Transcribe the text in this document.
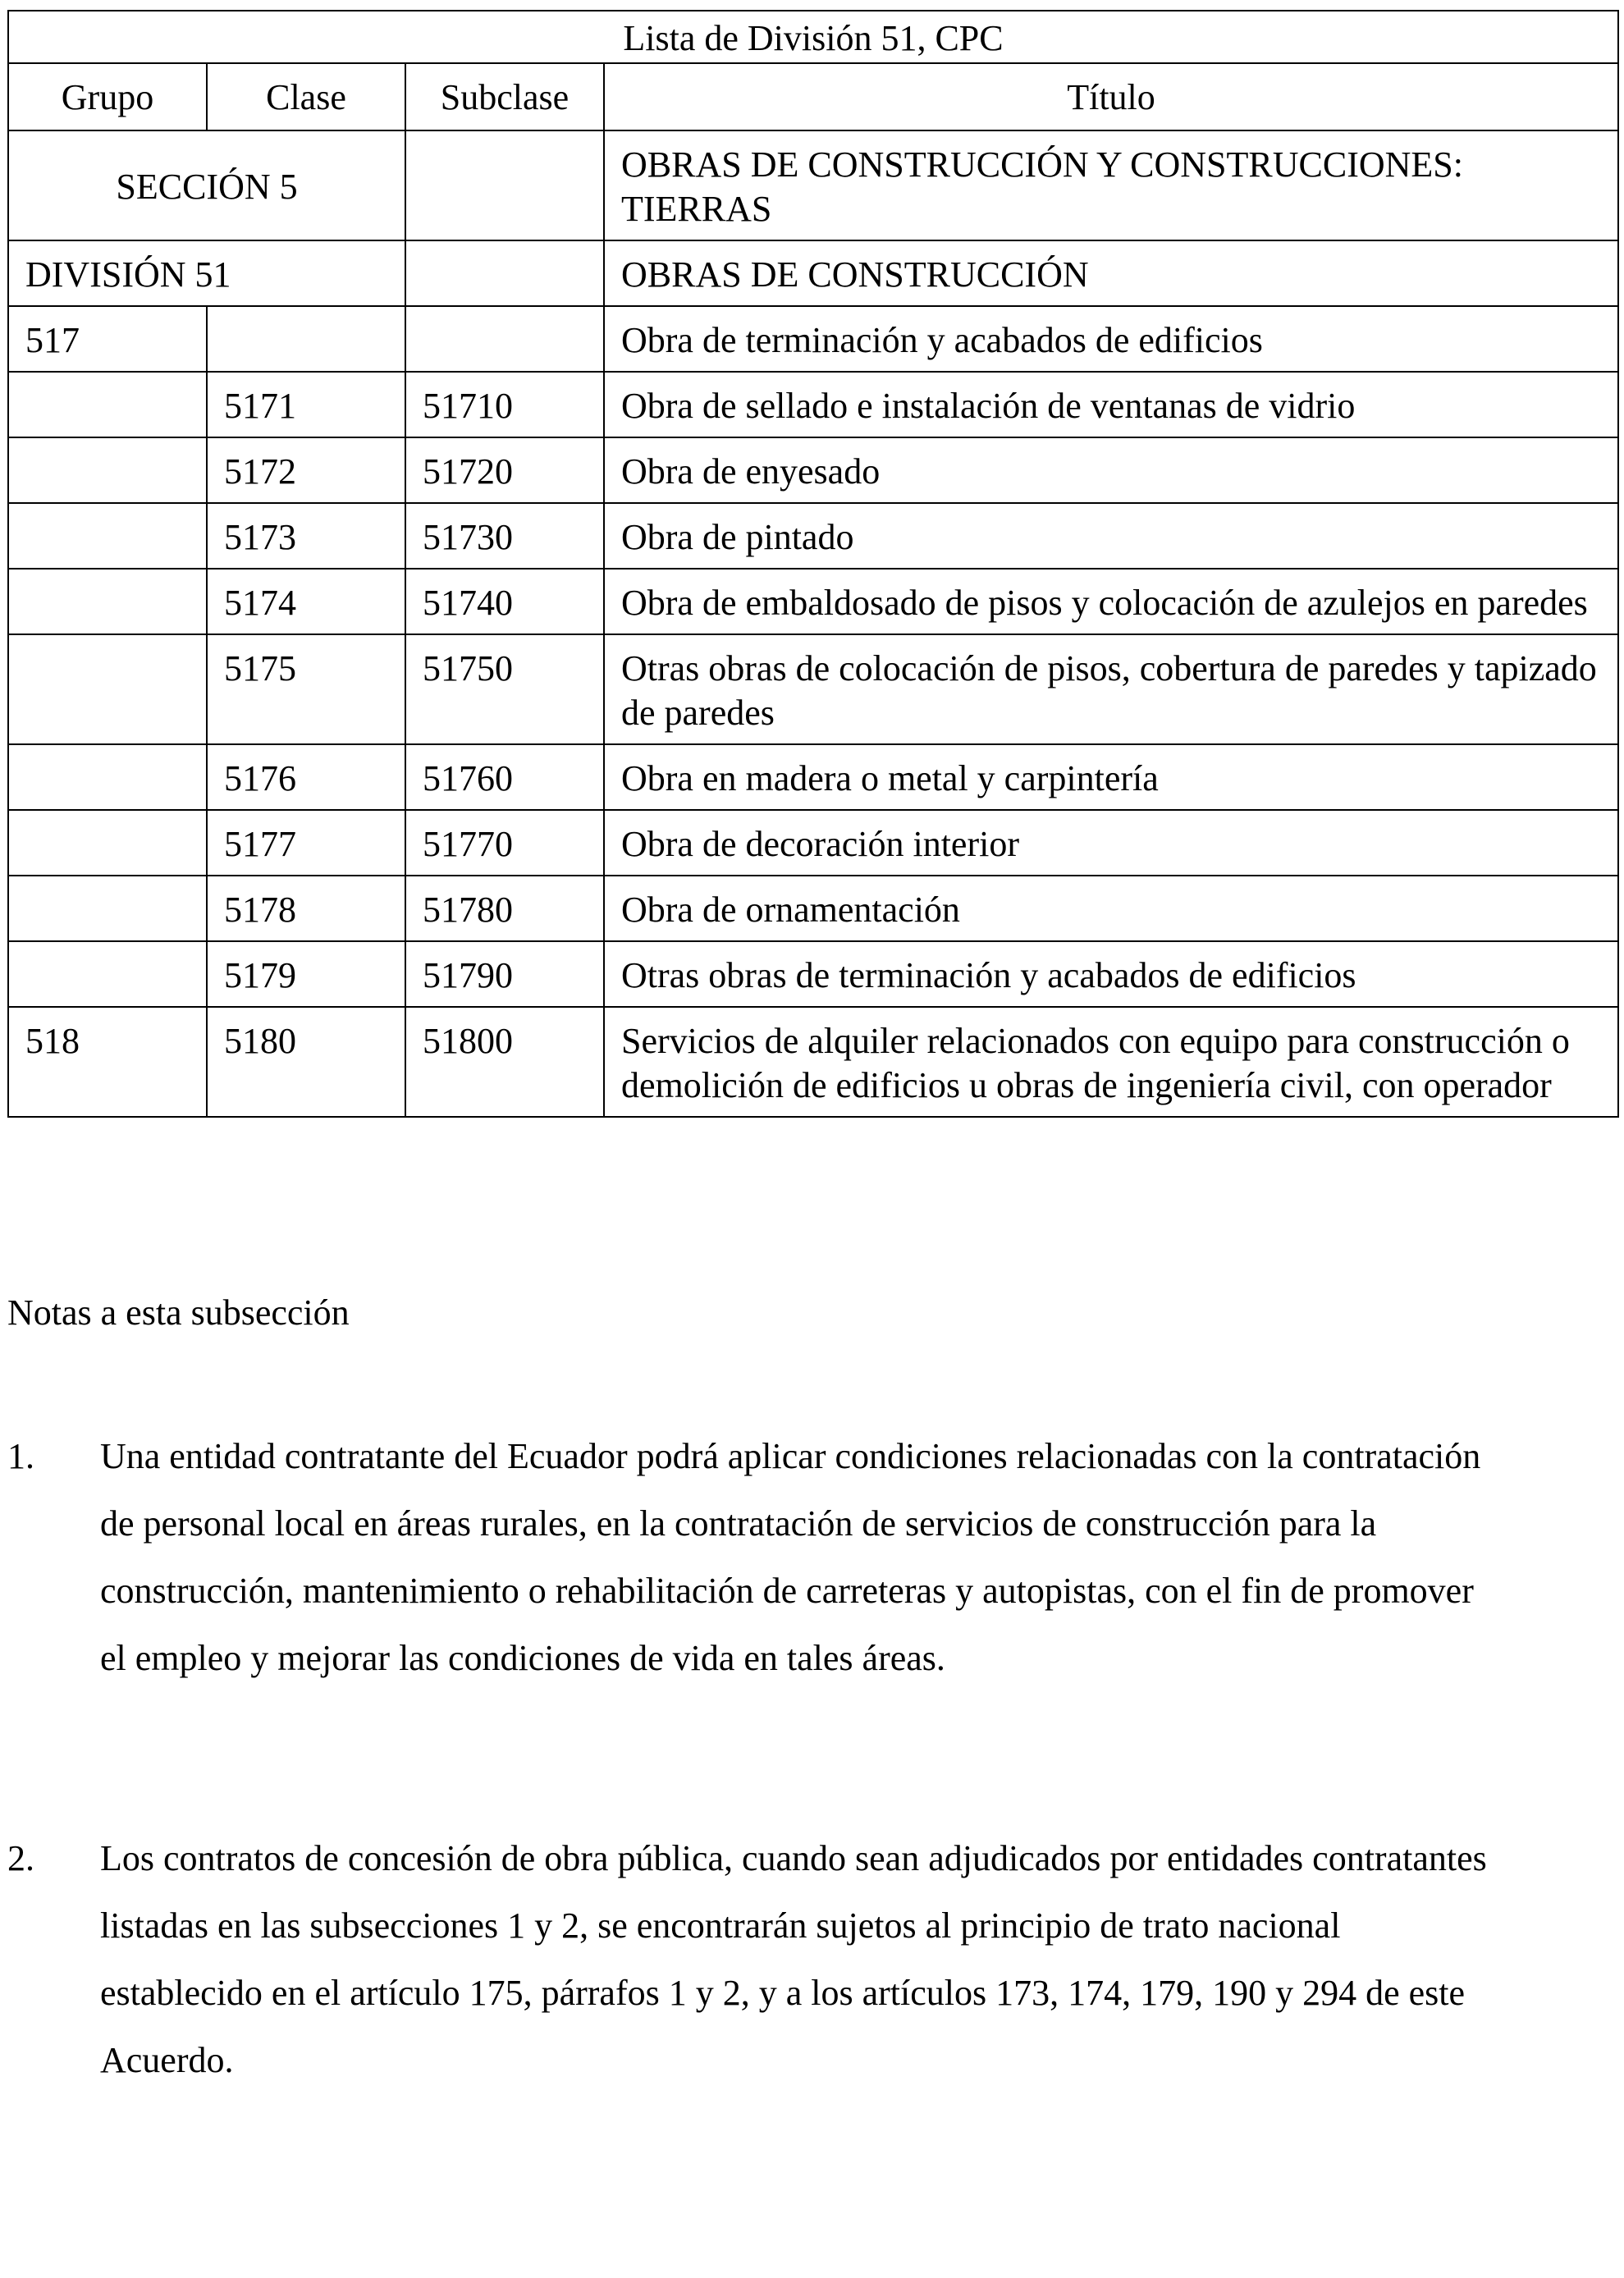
Lista de División 51, CPC			
Grupo	Clase	Subclase	Título
SECCIÓN 5			OBRAS DE CONSTRUCCIÓN Y CONSTRUCCIONES: TIERRAS
DIVISIÓN 51			OBRAS DE CONSTRUCCIÓN
517			Obra de terminación y acabados de edificios
	5171	51710	Obra de sellado e instalación de ventanas de vidrio
	5172	51720	Obra de enyesado
	5173	51730	Obra de pintado
	5174	51740	Obra de embaldosado de pisos y colocación de azulejos en paredes
	5175	51750	Otras obras de colocación de pisos, cobertura de paredes y tapizado de paredes
	5176	51760	Obra en madera o metal y carpintería
	5177	51770	Obra de decoración interior
	5178	51780	Obra de ornamentación
	5179	51790	Otras obras de terminación y acabados de edificios
518	5180	51800	Servicios de alquiler relacionados con equipo para construcción o demolición de edificios u obras de ingeniería civil, con operador

Notas a esta subsección

1.	Una entidad contratante del Ecuador podrá aplicar condiciones relacionadas con la contratación de personal local en áreas rurales, en la contratación de servicios de construcción para la construcción, mantenimiento o rehabilitación de carreteras y autopistas, con el fin de promover el empleo y mejorar las condiciones de vida en tales áreas.
2.	Los contratos de concesión de obra pública, cuando sean adjudicados por entidades contratantes listadas en las subsecciones 1 y 2, se encontrarán sujetos al principio de trato nacional establecido en el artículo 175, párrafos 1 y 2, y a los artículos 173, 174, 179, 190 y 294 de este Acuerdo.
